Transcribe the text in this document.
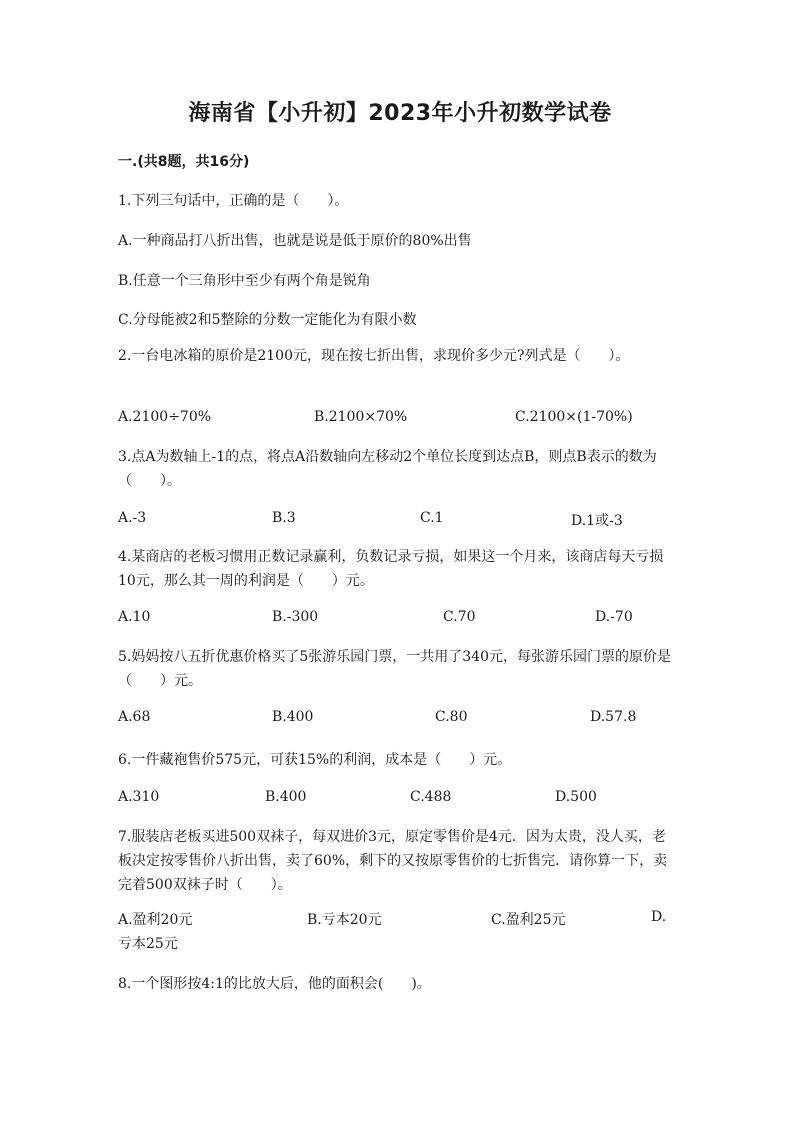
海南省【小升初】2023年小升初数学试卷
一.(共8题，共16分)
1.下列三句话中，正确的是（　　）。
A.一种商品打八折出售，也就是说是低于原价的80%出售
B.任意一个三角形中至少有两个角是锐角
C.分母能被2和5整除的分数一定能化为有限小数
2.一台电冰箱的原价是2100元，现在按七折出售，求现价多少元?列式是（　　）。
A.2100÷70%	B.2100×70%	C.2100×(1-70%)
3.点A为数轴上-1的点，将点A沿数轴向左移动2个单位长度到达点B，则点B表示的数为（　　）。
A.-3	B.3	C.1	D.1或-3
4.某商店的老板习惯用正数记录赢利，负数记录亏损，如果这一个月来，该商店每天亏损10元，那么其一周的利润是（　　）元。
A.10	B.-300	C.70	D.-70
5.妈妈按八五折优惠价格买了5张游乐园门票，一共用了340元，每张游乐园门票的原价是（　　）元。
A.68	B.400	C.80	D.57.8
6.一件藏袍售价575元，可获15%的利润，成本是（　　）元。
A.310	B.400	C.488	D.500
7.服装店老板买进500双袜子，每双进价3元，原定零售价是4元．因为太贵，没人买，老板决定按零售价八折出售，卖了60%，剩下的又按原零售价的七折售完．请你算一下，卖完着500双袜子时（　　）。
A.盈利20元	B.亏本20元	C.盈利25元	D.
亏本25元
8.一个图形按4:1的比放大后，他的面积会(　　)。
